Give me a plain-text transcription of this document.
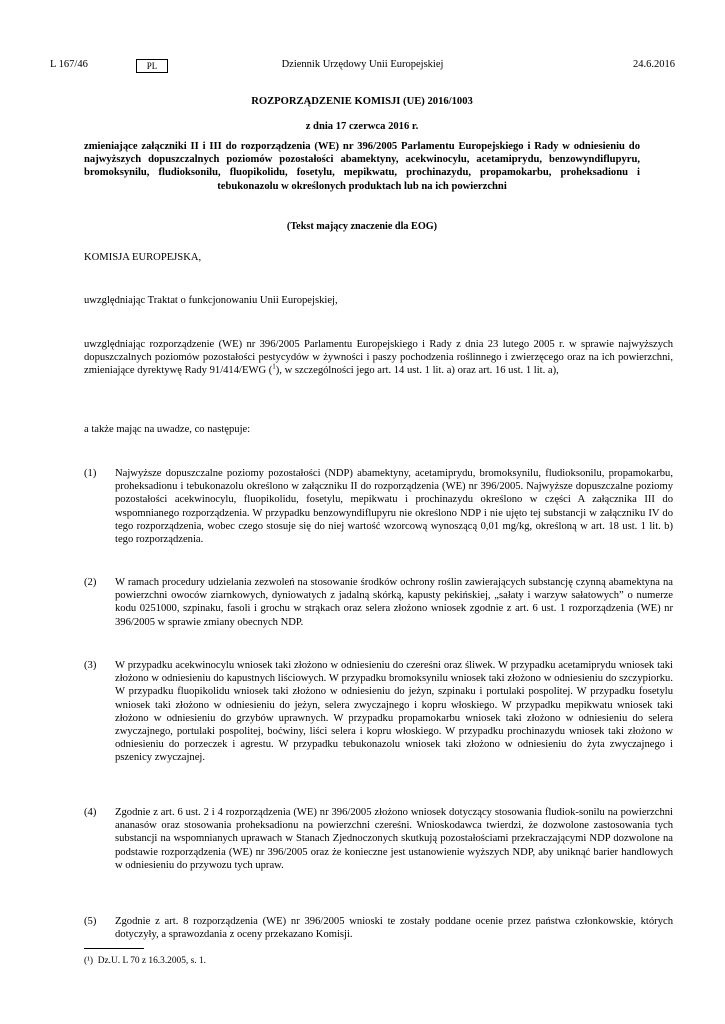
L 167/46	PL	Dziennik Urzędowy Unii Europejskiej	24.6.2016
ROZPORZĄDZENIE KOMISJI (UE) 2016/1003
z dnia 17 czerwca 2016 r.
zmieniające załączniki II i III do rozporządzenia (WE) nr 396/2005 Parlamentu Europejskiego i Rady w odniesieniu do najwyższych dopuszczalnych poziomów pozostałości abamektyny, acekwinocylu, acetamiprydu, benzowyndiflupyru, bromoksynilu, fludioksonilu, fluopikolidu, fosetylu, mepikwatu, prochinazydu, propamokarbu, proheksadionu i tebukonazolu w określonych produktach lub na ich powierzchni
(Tekst mający znaczenie dla EOG)
KOMISJA EUROPEJSKA,
uwzględniając Traktat o funkcjonowaniu Unii Europejskiej,
uwzględniając rozporządzenie (WE) nr 396/2005 Parlamentu Europejskiego i Rady z dnia 23 lutego 2005 r. w sprawie najwyższych dopuszczalnych poziomów pozostałości pestycydów w żywności i paszy pochodzenia roślinnego i zwierzęcego oraz na ich powierzchni, zmieniające dyrektywę Rady 91/414/EWG ($^1$), w szczególności jego art. 14 ust. 1 lit. a) oraz art. 16 ust. 1 lit. a),
a także mając na uwadze, co następuje:
(1) Najwyższe dopuszczalne poziomy pozostałości (NDP) abamektyny, acetamiprydu, bromoksynilu, fludioksonilu, propamokarbu, proheksadionu i tebukonazolu określono w załączniku II do rozporządzenia (WE) nr 396/2005. Najwyższe dopuszczalne poziomy pozostałości acekwinocylu, fluopikolidu, fosetylu, mepikwatu i prochinazydu określono w części A załącznika III do wspomnianego rozporządzenia. W przypadku benzowyndiflupyru nie określono NDP i nie ujęto tej substancji w załączniku IV do tego rozporządzenia, wobec czego stosuje się do niej wartość wzorcową wynoszącą 0,01 mg/kg, określoną w art. 18 ust. 1 lit. b) tego rozporządzenia.
(2) W ramach procedury udzielania zezwoleń na stosowanie środków ochrony roślin zawierających substancję czynną abamektyna na powierzchni owoców ziarnkowych, dyniowatych z jadalną skórką, kapusty pekińskiej, „sałaty i warzyw sałatowych” o numerze kodu 0251000, szpinaku, fasoli i grochu w strąkach oraz selera złożono wniosek zgodnie z art. 6 ust. 1 rozporządzenia (WE) nr 396/2005 w sprawie zmiany obecnych NDP.
(3) W przypadku acekwinocylu wniosek taki złożono w odniesieniu do czereśni oraz śliwek. W przypadku acetamiprydu wniosek taki złożono w odniesieniu do kapustnych liściowych. W przypadku bromoksynilu wniosek taki złożono w odniesieniu do szczypiorku. W przypadku fluopikolidu wniosek taki złożono w odniesieniu do jeżyn, szpinaku i portulaki pospolitej. W przypadku fosetylu wniosek taki złożono w odniesieniu do jeżyn, selera zwyczajnego i kopru włoskiego. W przypadku mepikwatu wniosek taki złożono w odniesieniu do grzybów uprawnych. W przypadku propamokarbu wniosek taki złożono w odniesieniu do selera zwyczajnego, portulaki pospolitej, boćwiny, liści selera i kopru włoskiego. W przypadku prochinazydu wniosek taki złożono w odniesieniu do porzeczek i agrestu. W przypadku tebukonazolu wniosek taki złożono w odniesieniu do żyta zwyczajnego i pszenicy zwyczajnej.
(4) Zgodnie z art. 6 ust. 2 i 4 rozporządzenia (WE) nr 396/2005 złożono wniosek dotyczący stosowania fludiok-sonilu na powierzchni ananasów oraz stosowania proheksadionu na powierzchni czereśni. Wnioskodawca twierdzi, że dozwolone zastosowania tych substancji na wspomnianych uprawach w Stanach Zjednoczonych skutkują pozostałościami przekraczającymi NDP dozwolone na podstawie rozporządzenia (WE) nr 396/2005 oraz że konieczne jest ustanowienie wyższych NDP, aby uniknąć barier handlowych w odniesieniu do przywozu tych upraw.
(5) Zgodnie z art. 8 rozporządzenia (WE) nr 396/2005 wnioski te zostały poddane ocenie przez państwa członkowskie, których dotyczyły, a sprawozdania z oceny przekazano Komisji.
(¹) Dz.U. L 70 z 16.3.2005, s. 1.
